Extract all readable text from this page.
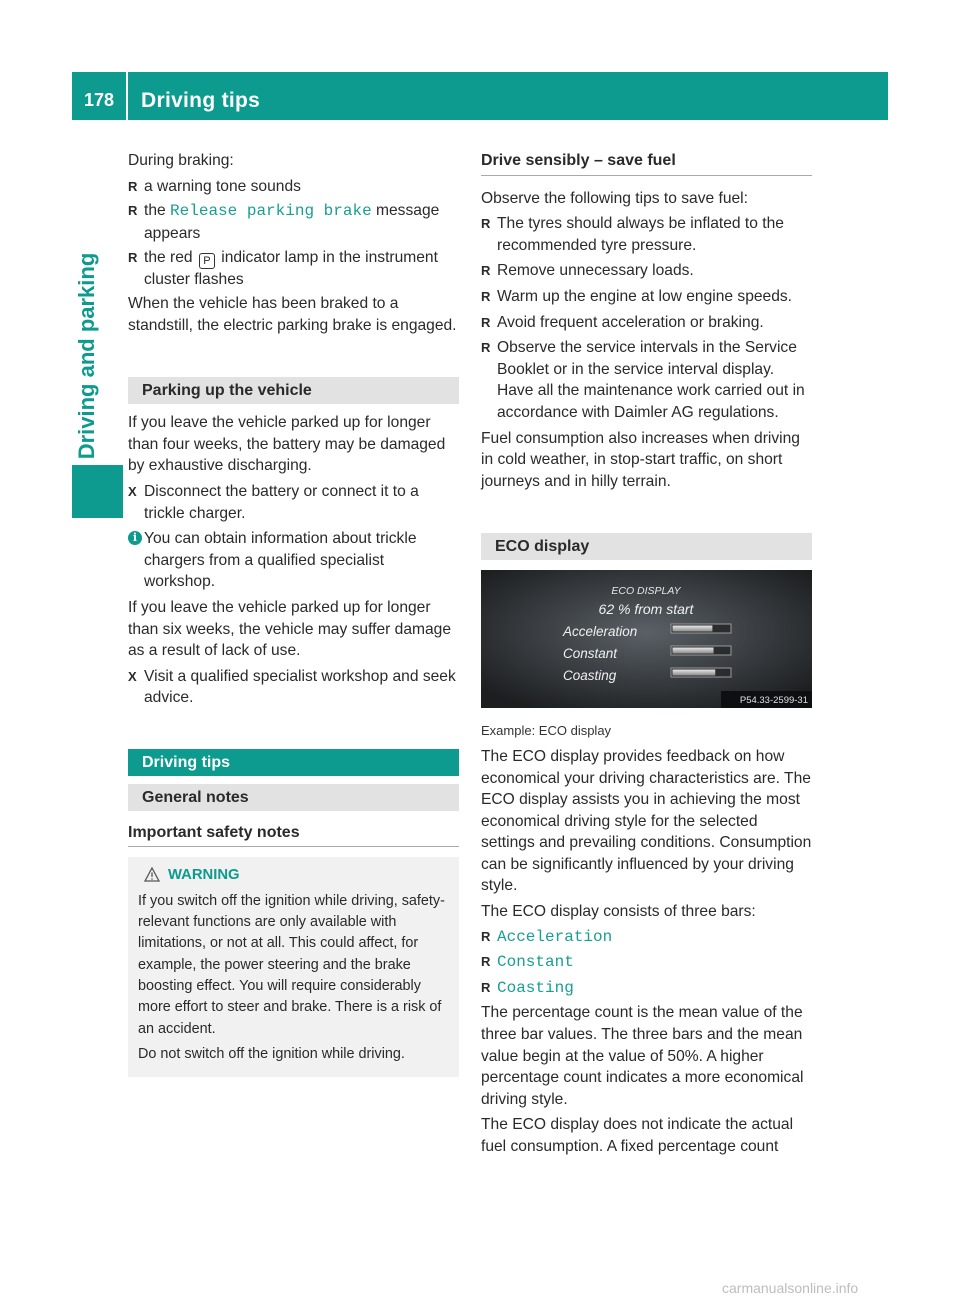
178	Driving tips
Driving and parking

During braking:

R a warning tone sounds
R the Release parking brake message appears
R the red P indicator lamp in the instrument cluster flashes

When the vehicle has been braked to a standstill, the electric parking brake is engaged.

Parking up the vehicle

If you leave the vehicle parked up for longer than four weeks, the battery may be damaged by exhaustive discharging.

X Disconnect the battery or connect it to a trickle charger.
i You can obtain information about trickle chargers from a qualified specialist workshop.

If you leave the vehicle parked up for longer than six weeks, the vehicle may suffer damage as a result of lack of use.

X Visit a qualified specialist workshop and seek advice.
Driving tips
General notes
Important safety notes
WARNING

If you switch off the ignition while driving, safety-relevant functions are only available with limitations, or not at all. This could affect, for example, the power steering and the brake boosting effect. You will require considerably more effort to steer and brake. There is a risk of an accident.

Do not switch off the ignition while driving.

Drive sensibly – save fuel

Observe the following tips to save fuel:

R The tyres should always be inflated to the recommended tyre pressure.
R Remove unnecessary loads.
R Warm up the engine at low engine speeds.
R Avoid frequent acceleration or braking.
R Observe the service intervals in the Service Booklet or in the service interval display. Have all the maintenance work carried out in accordance with Daimler AG regulations.

Fuel consumption also increases when driving in cold weather, in stop-start traffic, on short journeys and in hilly terrain.

ECO display
ECO DISPLAY
62 % from start
Acceleration
Constant
Coasting
P54.33-2599-31

Example: ECO display

The ECO display provides feedback on how economical your driving characteristics are. The ECO display assists you in achieving the most economical driving style for the selected settings and prevailing conditions. Consumption can be significantly influenced by your driving style.

The ECO display consists of three bars:

R Acceleration
R Constant
R Coasting

The percentage count is the mean value of the three bar values. The three bars and the mean value begin at the value of 50%. A higher percentage count indicates a more economical driving style.

The ECO display does not indicate the actual fuel consumption. A fixed percentage count

carmanualsonline.info
